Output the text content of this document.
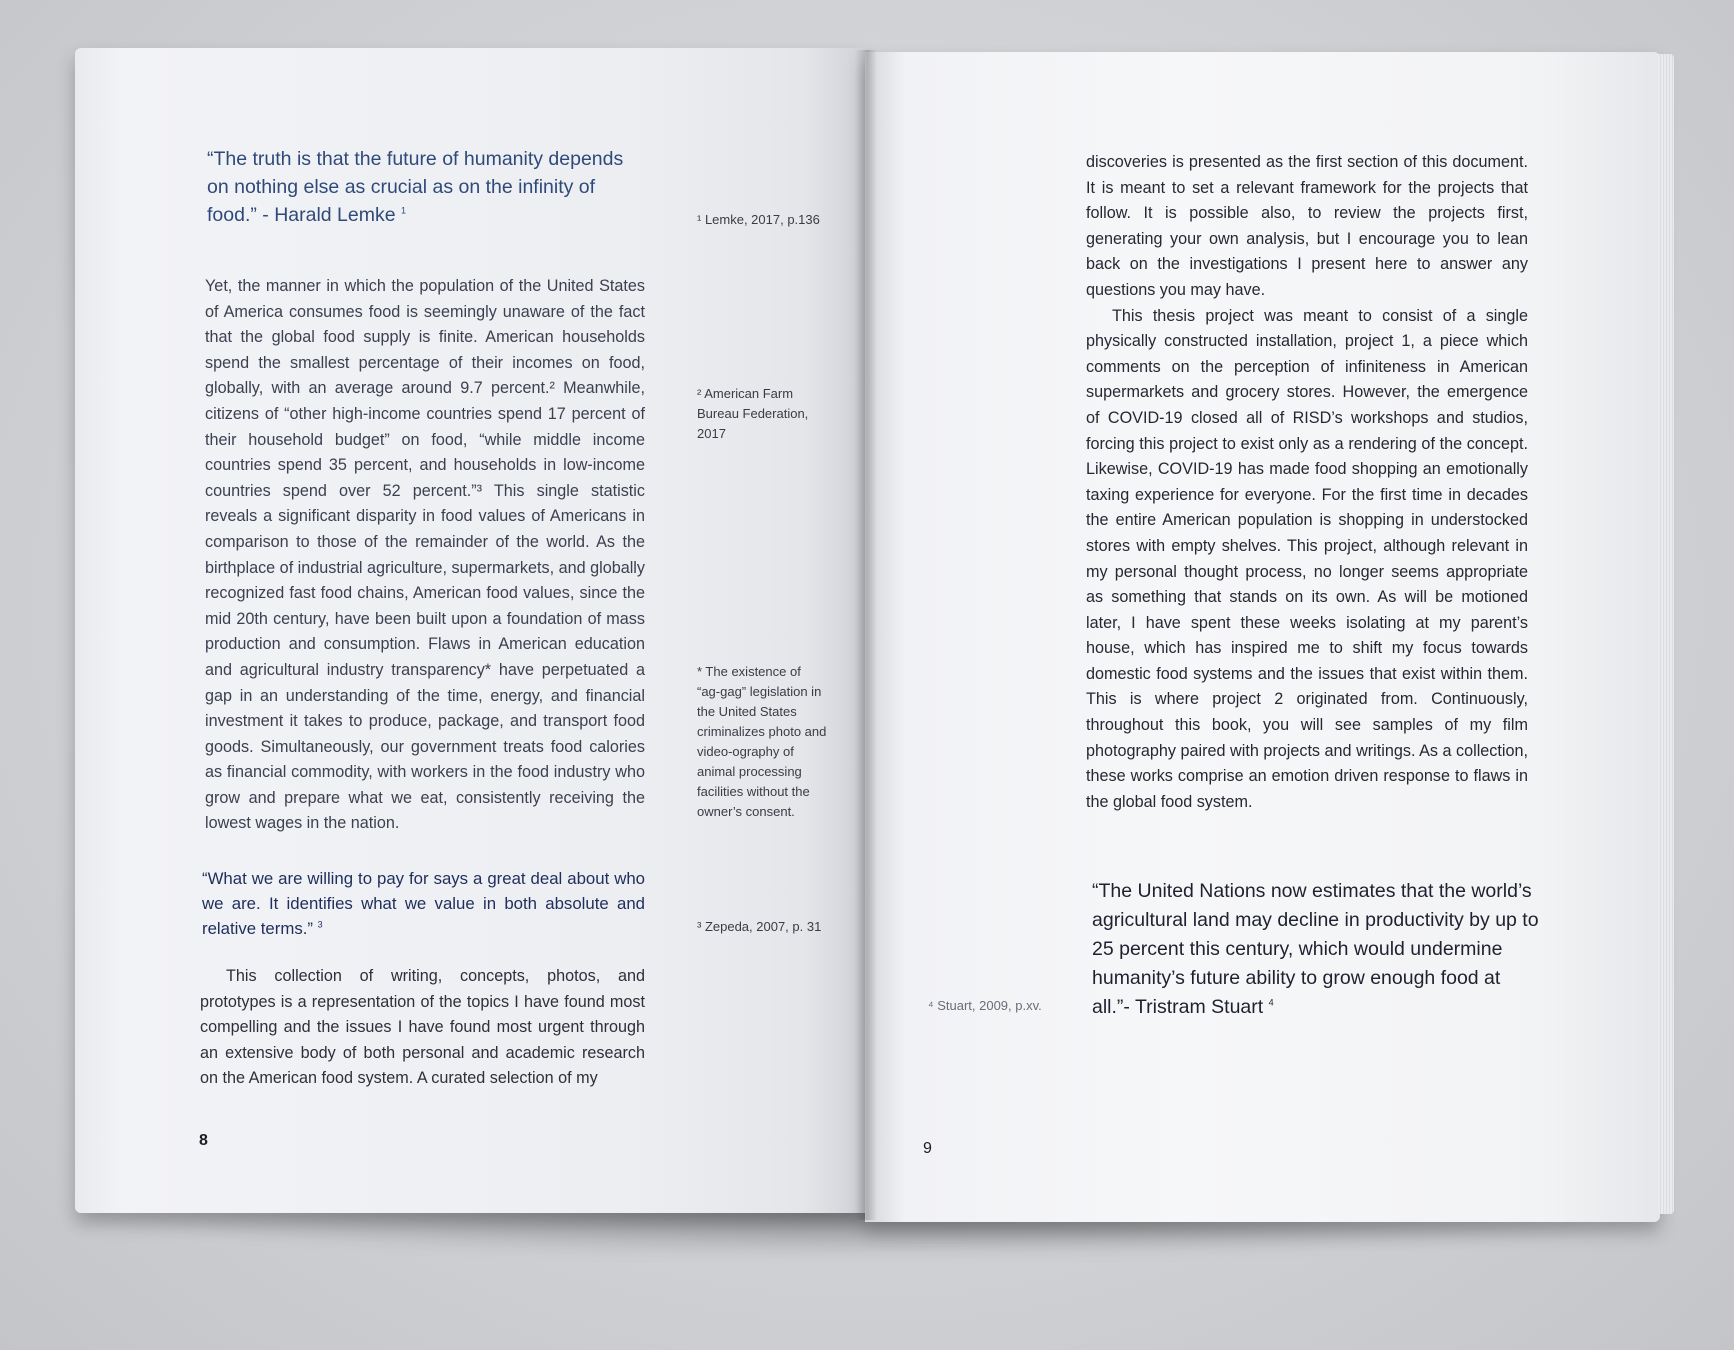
“The truth is that the future of humanity depends on nothing else as crucial as on the infinity of food.” - Harald Lemke $^1$

Yet, the manner in which the population of the United States of America consumes food is seemingly unaware of the fact that the global food supply is finite. American households spend the smallest percentage of their incomes on food, globally, with an average around 9.7 percent.² Meanwhile, citizens of “other high-income countries spend 17 percent of their household budget” on food, “while middle income countries spend 35 percent, and households in low-income countries spend over 52 percent.”³ This single statistic reveals a significant disparity in food values of Americans in comparison to those of the remainder of the world. As the birthplace of industrial agriculture, supermarkets, and globally recognized fast food chains, American food values, since the mid 20th century, have been built upon a foundation of mass production and consumption. Flaws in American education and agricultural industry transparency* have perpetuated a gap in an understanding of the time, energy, and financial investment it takes to produce, package, and transport food goods. Simultaneously, our government treats food calories as financial commodity, with workers in the food industry who grow and prepare what we eat, consistently receiving the lowest wages in the nation.

“What we are willing to pay for says a great deal about who we are. It identifies what we value in both absolute and relative terms.” $^3$

This collection of writing, concepts, photos, and prototypes is a representation of the topics I have found most compelling and the issues I have found most urgent through an extensive body of both personal and academic research on the American food system. A curated selection of my

¹ Lemke, 2017, p.136
² American Farm Bureau Federation, 2017
* The existence of “ag-gag” legislation in the United States criminalizes photo and video-ography of animal processing facilities without the owner’s consent.
³ Zepeda, 2007, p. 31
8

discoveries is presented as the first section of this document. It is meant to set a relevant framework for the projects that follow. It is possible also, to review the projects first, generating your own analysis, but I encourage you to lean back on the investigations I present here to answer any questions you may have.

This thesis project was meant to consist of a single physically constructed installation, project 1, a piece which comments on the perception of infiniteness in American supermarkets and grocery stores. However, the emergence of COVID-19 closed all of RISD’s workshops and studios, forcing this project to exist only as a rendering of the concept. Likewise, COVID-19 has made food shopping an emotionally taxing experience for everyone. For the first time in decades the entire American population is shopping in understocked stores with empty shelves. This project, although relevant in my personal thought process, no longer seems appropriate as something that stands on its own. As will be motioned later, I have spent these weeks isolating at my parent’s house, which has inspired me to shift my focus towards domestic food systems and the issues that exist within them. This is where project 2 originated from. Continuously, throughout this book, you will see samples of my film photography paired with projects and writings. As a collection, these works comprise an emotion driven response to flaws in the global food system.

“The United Nations now estimates that the world’s agricultural land may decline in productivity by up to 25 percent this century, which would undermine humanity’s future ability to grow enough food at all.”- Tristram Stuart $^4$

⁴ Stuart, 2009, p.xv.
9
